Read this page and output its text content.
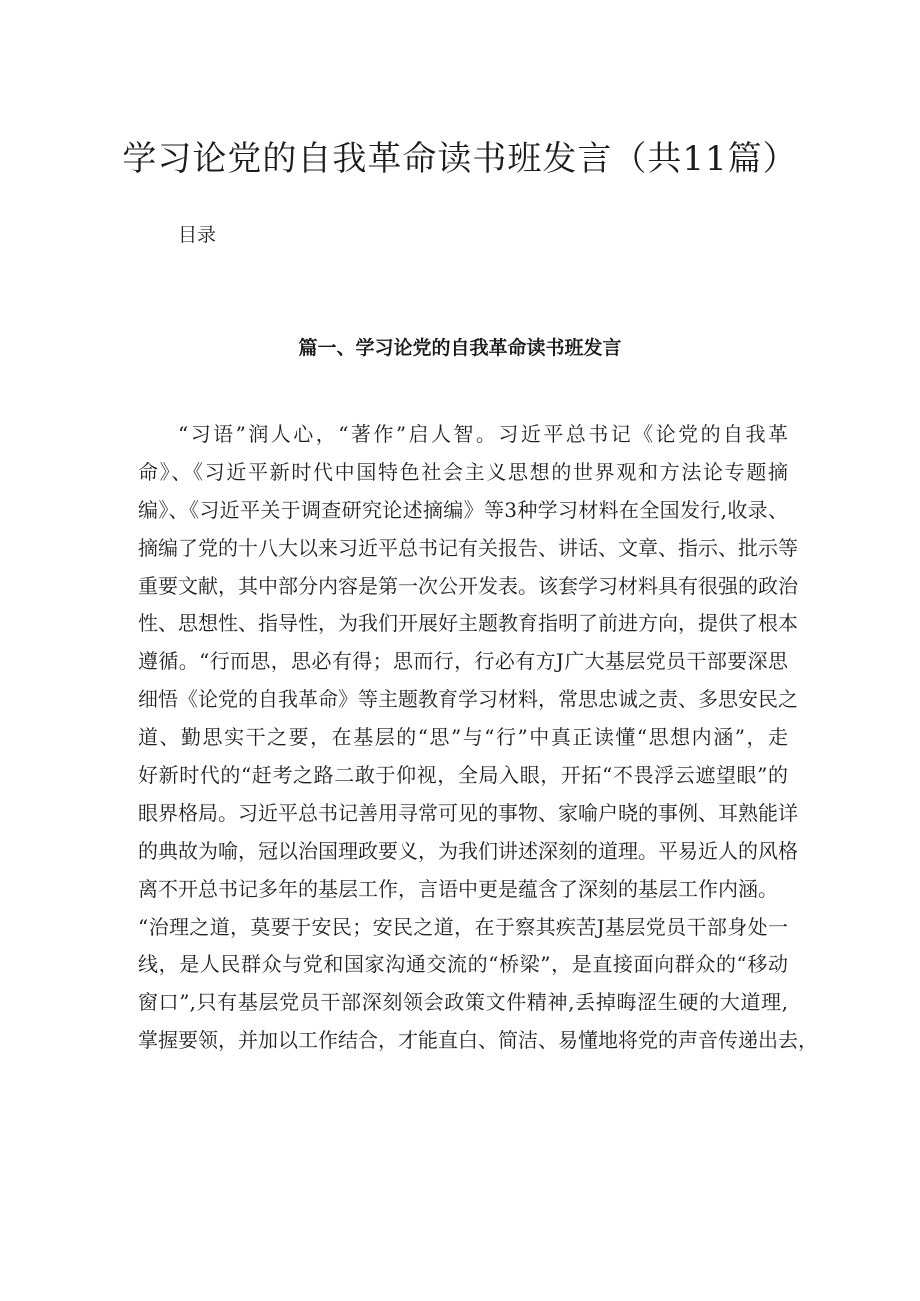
学习论党的自我革命读书班发言（共11篇）
目录
篇一、学习论党的自我革命读书班发言
“习语”润人心，“著作”启人智。习近平总书记《论党的自我革
命》、《习近平新时代中国特色社会主义思想的世界观和方法论专题摘
编》、《习近平关于调查研究论述摘编》等3种学习材料在全国发行,收录、
摘编了党的十八大以来习近平总书记有关报告、讲话、文章、指示、批示等
重要文献，其中部分内容是第一次公开发表。该套学习材料具有很强的政治
性、思想性、指导性，为我们开展好主题教育指明了前进方向，提供了根本
遵循。“行而思，思必有得；思而行，行必有方J广大基层党员干部要深思
细悟《论党的自我革命》等主题教育学习材料，常思忠诚之责、多思安民之
道、勤思实干之要，在基层的“思”与“行”中真正读懂“思想内涵”，走
好新时代的“赶考之路二敢于仰视，全局入眼，开拓“不畏浮云遮望眼”的
眼界格局。习近平总书记善用寻常可见的事物、家喻户晓的事例、耳熟能详
的典故为喻，冠以治国理政要义，为我们讲述深刻的道理。平易近人的风格
离不开总书记多年的基层工作，言语中更是蕴含了深刻的基层工作内涵。
“治理之道，莫要于安民；安民之道，在于察其疾苦J基层党员干部身处一
线，是人民群众与党和国家沟通交流的“桥梁”，是直接面向群众的“移动
窗口”,只有基层党员干部深刻领会政策文件精神,丢掉晦涩生硬的大道理,
掌握要领，并加以工作结合，才能直白、简洁、易懂地将党的声音传递出去，
